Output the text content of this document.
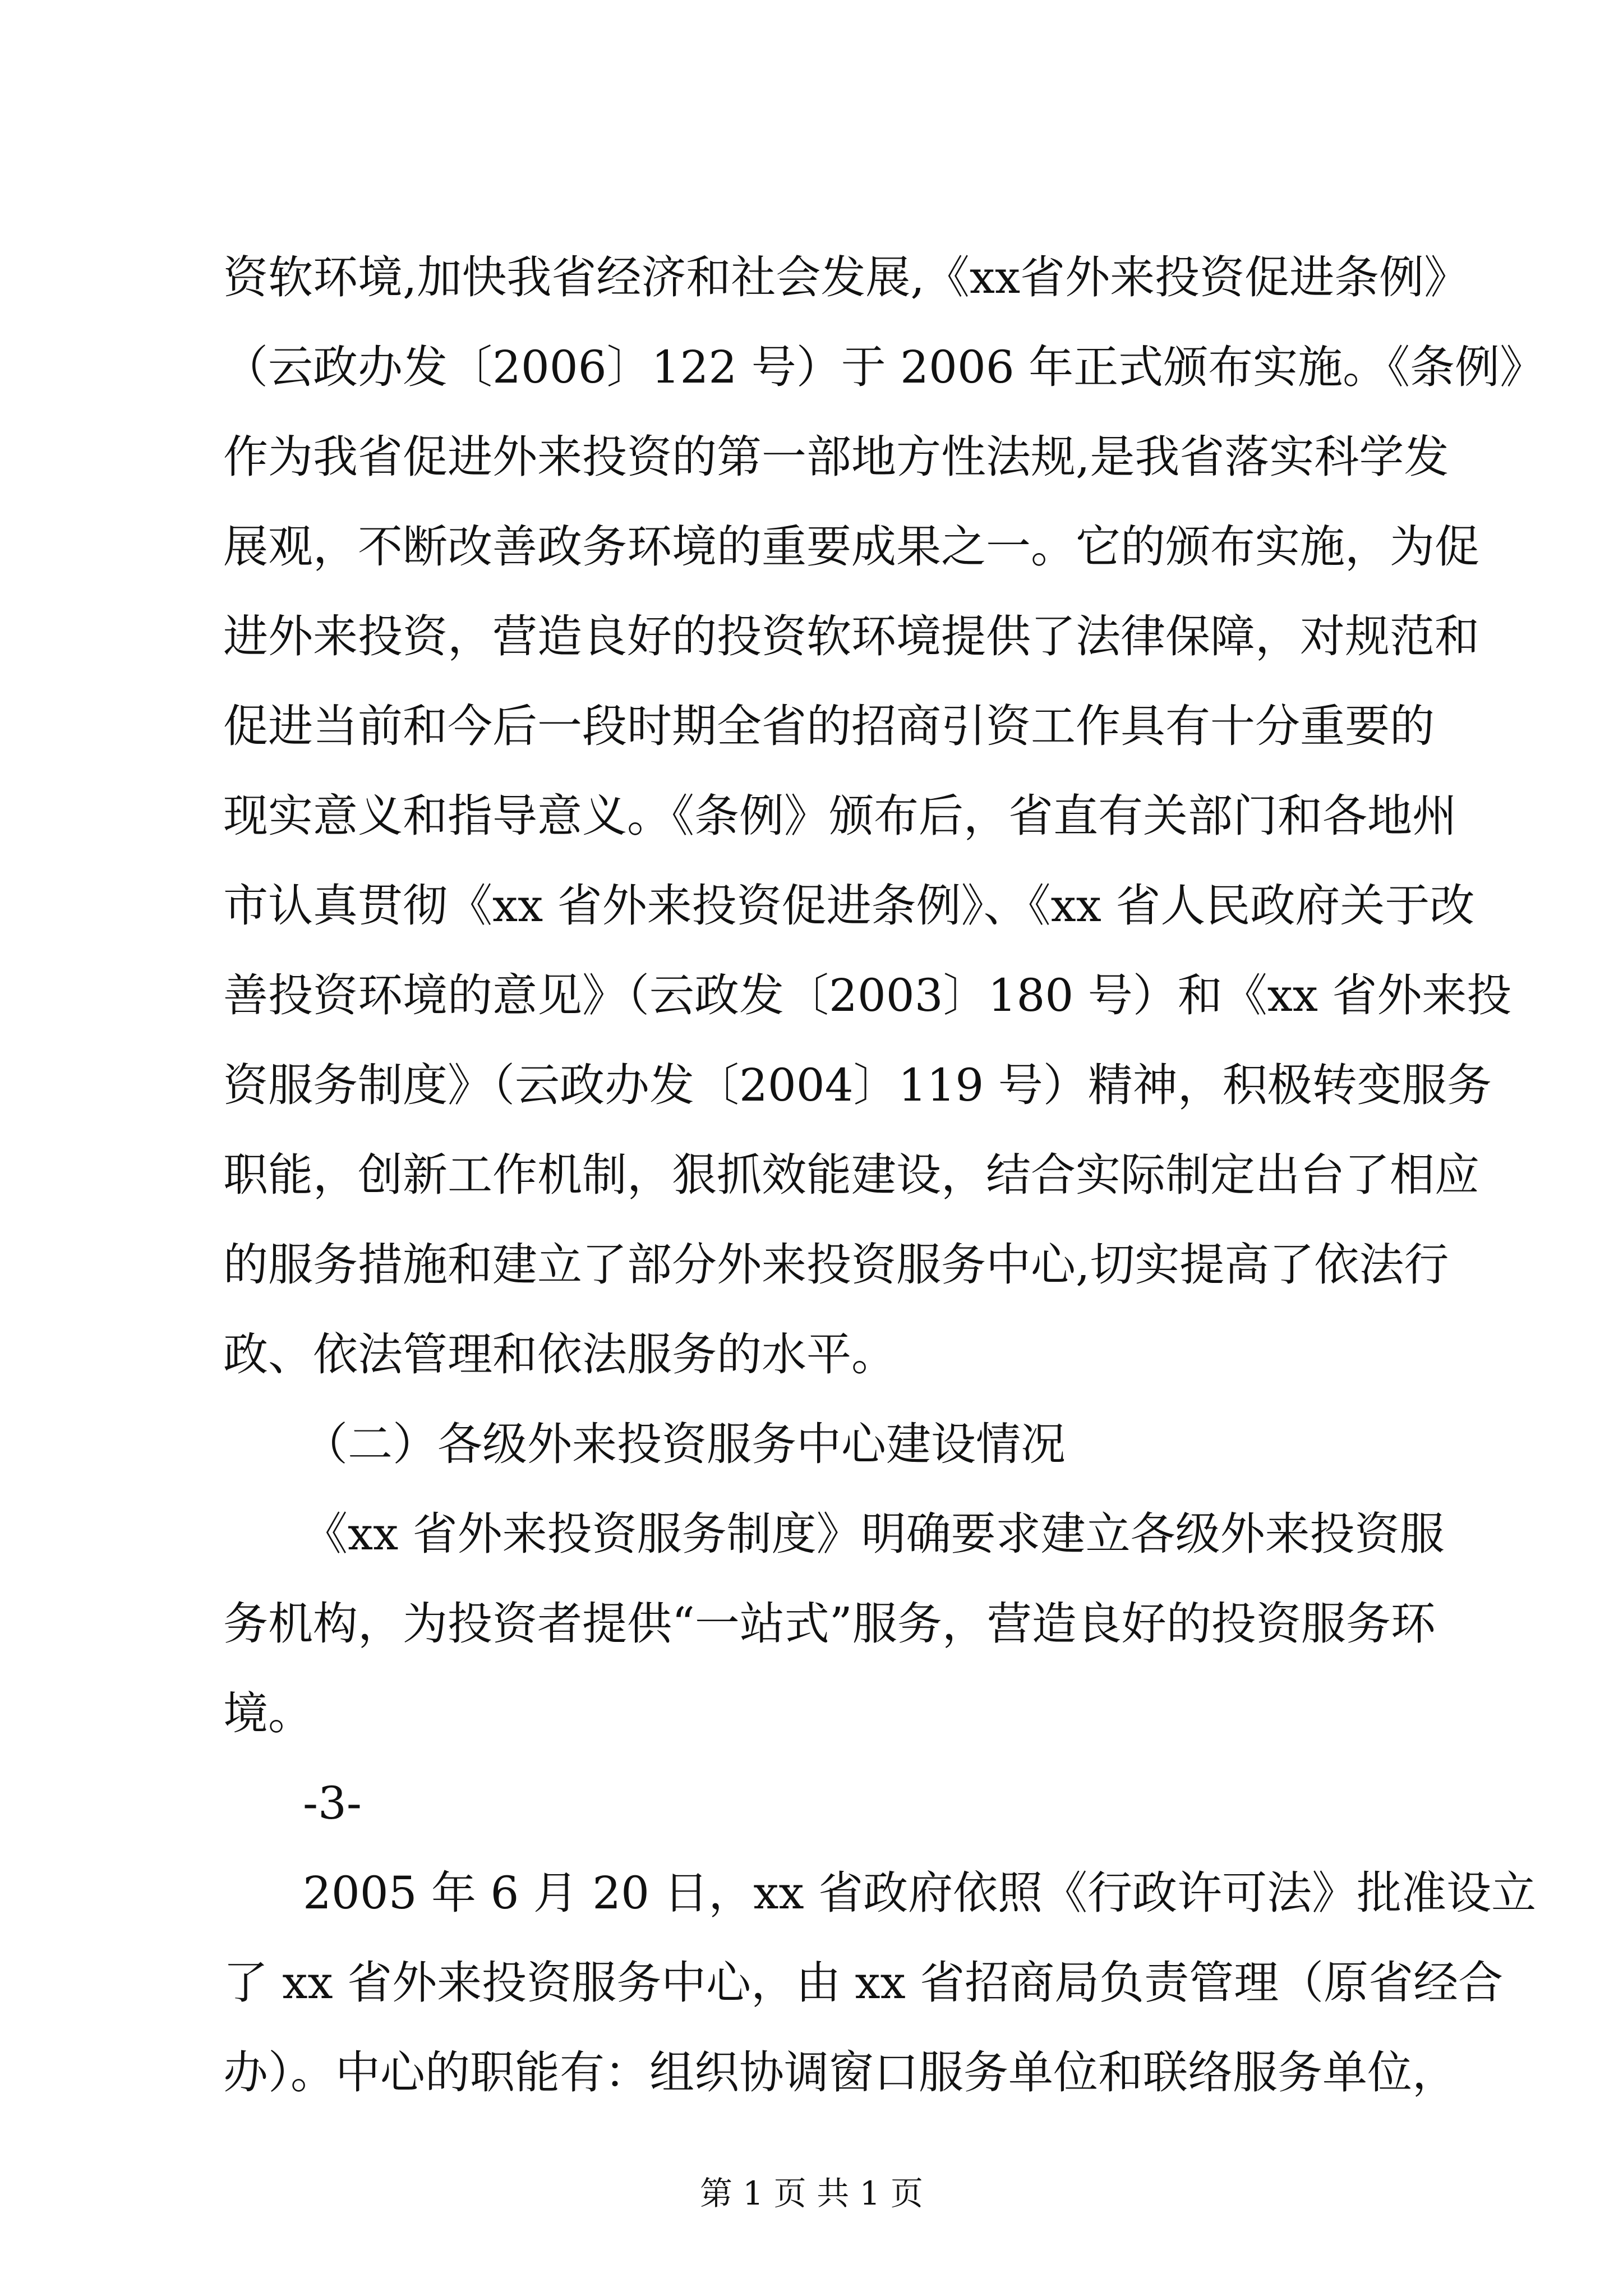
资软环境,加快我省经济和社会发展,《xx省外来投资促进条例》
（云政办发〔2006〕122 号）于 2006 年正式颁布实施。《条例》
作为我省促进外来投资的第一部地方性法规,是我省落实科学发
展观，不断改善政务环境的重要成果之一。它的颁布实施，为促
进外来投资，营造良好的投资软环境提供了法律保障，对规范和
促进当前和今后一段时期全省的招商引资工作具有十分重要的
现实意义和指导意义。《条例》颁布后，省直有关部门和各地州
市认真贯彻《xx 省外来投资促进条例》、《xx 省人民政府关于改
善投资环境的意见》（云政发〔2003〕180 号）和《xx 省外来投
资服务制度》（云政办发〔2004〕119 号）精神，积极转变服务
职能，创新工作机制，狠抓效能建设，结合实际制定出台了相应
的服务措施和建立了部分外来投资服务中心,切实提高了依法行
政、依法管理和依法服务的水平。
（二）各级外来投资服务中心建设情况
《xx 省外来投资服务制度》明确要求建立各级外来投资服
务机构，为投资者提供“一站式”服务，营造良好的投资服务环
境。
-3-
2005 年 6 月 20 日，xx 省政府依照《行政许可法》批准设立
了 xx 省外来投资服务中心，由 xx 省招商局负责管理（原省经合
第 1 页 共 1 页
办）。中心的职能有：组织协调窗口服务单位和联络服务单位，
